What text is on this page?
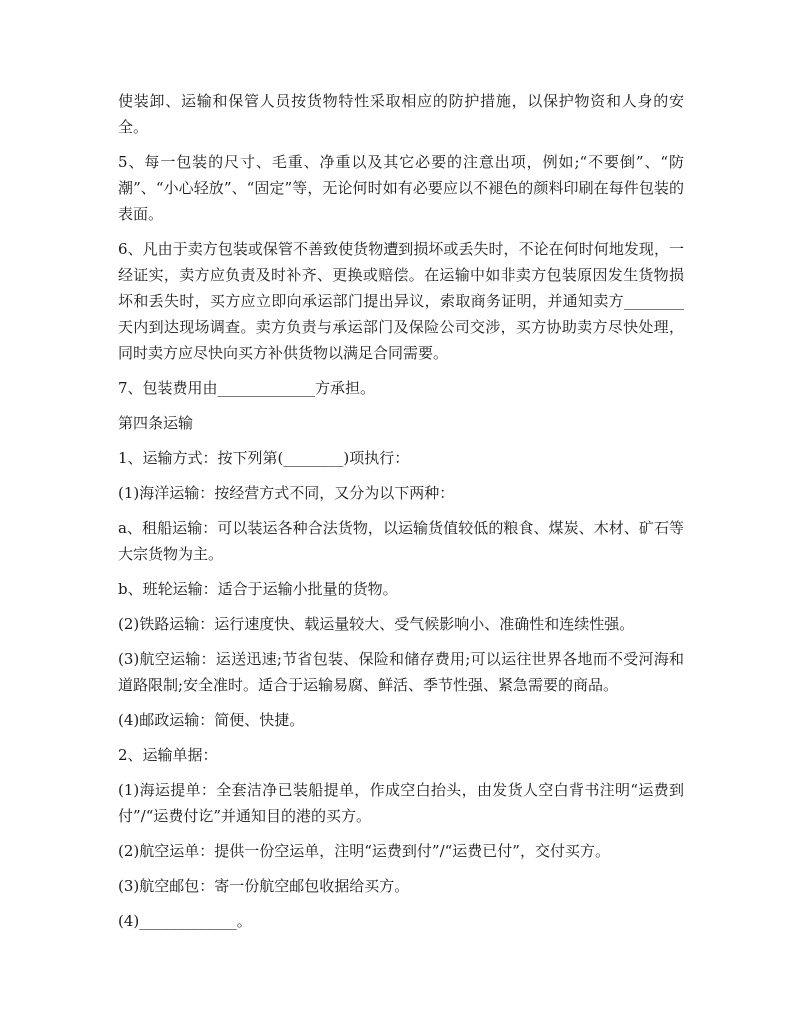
使装卸、运输和保管人员按货物特性采取相应的防护措施，以保护物资和人身的安全。

5、每一包装的尺寸、毛重、净重以及其它必要的注意出项，例如;“不要倒”、“防潮”、“小心轻放”、“固定”等，无论何时如有必要应以不褪色的颜料印刷在每件包装的表面。

6、凡由于卖方包装或保管不善致使货物遭到损坏或丢失时，不论在何时何地发现，一经证实，卖方应负责及时补齐、更换或赔偿。在运输中如非卖方包装原因发生货物损坏和丢失时，买方应立即向承运部门提出异议，索取商务证明，并通知卖方________天内到达现场调查。卖方负责与承运部门及保险公司交涉，买方协助卖方尽快处理，同时卖方应尽快向买方补供货物以满足合同需要。

7、包装费用由_____________方承担。

第四条运输

1、运输方式：按下列第(________)项执行：

(1)海洋运输：按经营方式不同，又分为以下两种：

a、租船运输：可以装运各种合法货物，以运输货值较低的粮食、煤炭、木材、矿石等大宗货物为主。

b、班轮运输：适合于运输小批量的货物。

(2)铁路运输：运行速度快、载运量较大、受气候影响小、准确性和连续性强。

(3)航空运输：运送迅速;节省包装、保险和储存费用;可以运往世界各地而不受河海和道路限制;安全准时。适合于运输易腐、鲜活、季节性强、紧急需要的商品。

(4)邮政运输：简便、快捷。

2、运输单据：

(1)海运提单：全套洁净已装船提单，作成空白抬头，由发货人空白背书注明“运费到付”/“运费付讫”并通知目的港的买方。

(2)航空运单：提供一份空运单，注明“运费到付”/“运费已付”，交付买方。

(3)航空邮包：寄一份航空邮包收据给买方。

(4)_____________。
